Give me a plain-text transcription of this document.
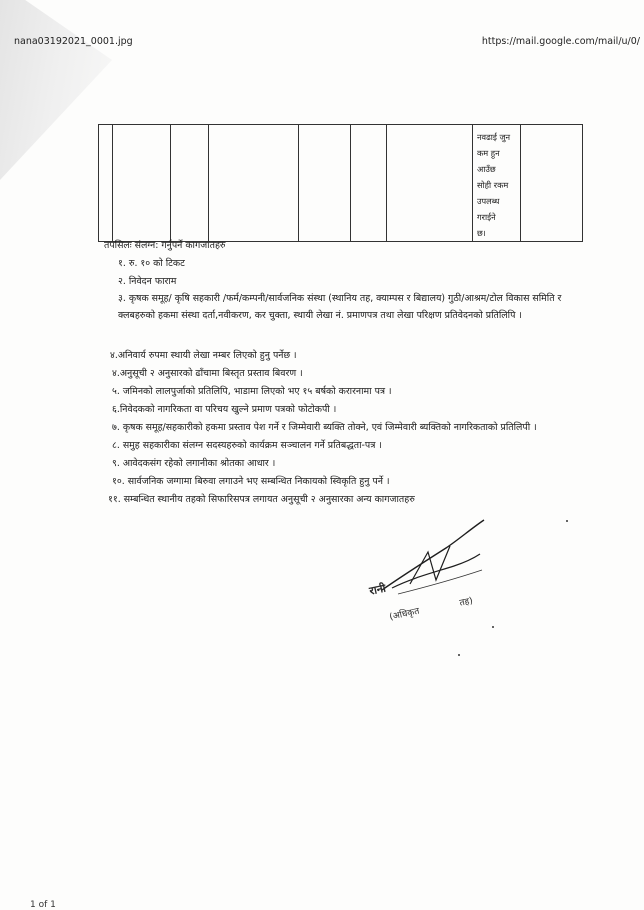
nana03192021_0001.jpg	https://mail.google.com/mail/u/0/
							नवढाई जुन
कम हुन
आउँछ
सोही रकम
उपलब्ध
गराईने
छ।	
तपसिलः संलग्न: गर्नुपर्ने कागजातहरु
१. रु. १० को टिकट
२. निवेदन फाराम
३. कृषक समूह/ कृषि सहकारी /फर्म/कम्पनी/सार्वजनिक संस्था (स्थानिय तह, क्याम्पस र बिद्यालय) गुठी/आश्रम/टोल विकास समिति र क्लबहरुको हकमा संस्था दर्ता,नवीकरण, कर चुक्ता, स्थायी लेखा नं. प्रमाणपत्र तथा लेखा परिक्षण प्रतिवेदनको प्रतिलिपि ।
४.अनिवार्य रुपमा स्थायी लेखा नम्बर लिएको हुनु पर्नेछ ।
४.अनुसूची २ अनुसारको ढाँचामा बिस्तृत प्रस्ताव बिवरण ।
५. जमिनको लालपुर्जाको प्रतिलिपि, भाडामा लिएको भए १५ बर्षको करारनामा पत्र ।
६.निवेदकको नागरिकता वा परिचय खुल्ने प्रमाण पत्रको फोटोकपी ।
७. कृषक समूह/सहकारीको हकमा प्रस्ताव पेश गर्ने र जिम्मेवारी ब्यक्ति तोक्ने, एवं जिम्मेवारी ब्यक्तिको नागरिकताको प्रतिलिपी ।
८. समुह सहकारीका संलग्न सदस्यहरुको कार्यक्रम सञ्चालन गर्ने प्रतिबद्धता-पत्र ।
९. आवेदकसंग रहेको लगानीका श्रोतका आधार ।
१०. सार्वजनिक जग्गामा बिरुवा लगाउने भए सम्बन्धित निकायको स्विकृति हुनु पर्ने ।
११. सम्बन्धित स्थानीय तहको सिफारिसपत्र लगायत अनुसूची २ अनुसारका अन्य कागजातहरु
रानी
(अधिकृत
तह)
1 of 1
